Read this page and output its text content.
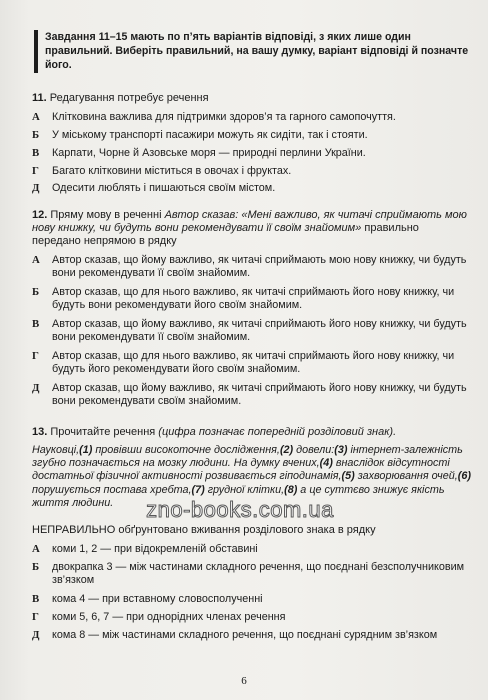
Завдання 11–15 мають по п’ять варіантів відповіді, з яких лише один правильний. Виберіть правильний, на вашу думку, варіант відповіді й позначте його.
11. Редагування потребує речення
А	Клітковина важлива для підтримки здоров’я та гарного самопочуття.
Б	У міському транспорті пасажири можуть як сидіти, так і стояти.
В	Карпати, Чорне й Азовське моря — природні перлини України.
Г	Багато клітковини міститься в овочах і фруктах.
Д	Одесити люблять і пишаються своїм містом.
12. Пряму мову в реченні Автор сказав: «Мені важливо, як читачі сприймають мою нову книжку, чи будуть вони рекомендувати її своїм знайомим» правильно передано непрямою в рядку
А	Автор сказав, що йому важливо, як читачі сприймають мою нову книжку, чи будуть вони рекомендувати її своїм знайомим.
Б	Автор сказав, що для нього важливо, як читачі сприймають його нову книжку, чи будуть вони рекомендувати його своїм знайомим.
В	Автор сказав, що йому важливо, як читачі сприймають його нову книжку, чи будуть вони рекомендувати її своїм знайомим.
Г	Автор сказав, що для нього важливо, як читачі сприймають його нову книжку, чи будуть його рекомендувати його своїм знайомим.
Д	Автор сказав, що йому важливо, як читачі сприймають його нову книжку, чи будуть вони рекомендувати своїм знайомим.
13. Прочитайте речення (цифра позначає попередній розділовий знак).
Науковці,(1) провівши високоточне дослідження,(2) довели:(3) інтернет-залежність згубно позначається на мозку людини. На думку вчених,(4) внаслідок відсутності достатньої фізичної активності розвивається гіподинамія,(5) захворювання очей,(6) порушується постава хребта,(7) грудної клітки,(8) а це суттєво знижує якість життя людини.
НЕПРАВИЛЬНО обґрунтовано вживання розділового знака в рядку
А	коми 1, 2 — при відокремленій обставині
Б	двокрапка 3 — між частинами складного речення, що поєднані безсполучниковим зв’язком
В	кома 4 — при вставному словосполученні
Г	коми 5, 6, 7 — при однорідних членах речення
Д	кома 8 — між частинами складного речення, що поєднані сурядним зв’язком
zno-books.com.ua
6
